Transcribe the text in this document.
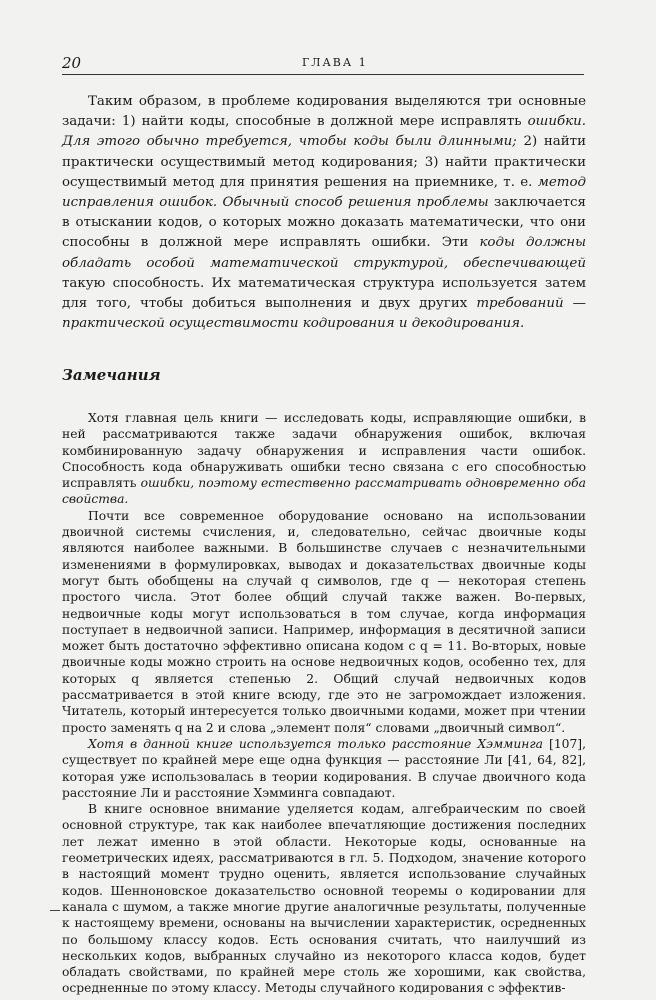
20	ГЛАВА 1

Таким образом, в проблеме кодирования выделяются три основные задачи: 1) найти коды, способные в должной мере исправлять ошибки. Для этого обычно требуется, чтобы коды были длинными; 2) найти практически осуществимый метод кодирования; 3) найти практически осуществимый метод для принятия решения на приемнике, т. е. метод исправления ошибок. Обычный способ решения проблемы заключается в отыскании кодов, о которых можно доказать математически, что они способны в должной мере исправлять ошибки. Эти коды должны обладать особой математической структурой, обеспечивающей такую способность. Их математическая структура используется затем для того, чтобы добиться выполнения и двух других требований — практической осуществимости кодирования и декодирования.

Замечания

Хотя главная цель книги — исследовать коды, исправляющие ошибки, в ней рассматриваются также задачи обнаружения ошибок, включая комбинированную задачу обнаружения и исправления части ошибок. Способность кода обнаруживать ошибки тесно связана с его способностью исправлять ошибки, поэтому естественно рассматривать одновременно оба свойства.

Почти все современное оборудование основано на использовании двоичной системы счисления, и, следовательно, сейчас двоичные коды являются наиболее важными. В большинстве случаев с незначительными изменениями в формулировках, выводах и доказательствах двоичные коды могут быть обобщены на случай q символов, где q — некоторая степень простого числа. Этот более общий случай также важен. Во-первых, недвоичные коды могут использоваться в том случае, когда информация поступает в недвоичной записи. Например, информация в десятичной записи может быть достаточно эффективно описана кодом с q = 11. Во-вторых, новые двоичные коды можно строить на основе недвоичных кодов, особенно тех, для которых q является степенью 2. Общий случай недвоичных кодов рассматривается в этой книге всюду, где это не загромождает изложения. Читатель, который интересуется только двоичными кодами, может при чтении просто заменять q на 2 и слова „элемент поля“ словами „двоичный символ“.

Хотя в данной книге используется только расстояние Хэмминга [107], существует по крайней мере еще одна функция — расстояние Ли [41, 64, 82], которая уже использовалась в теории кодирования. В случае двоичного кода расстояние Ли и расстояние Хэмминга совпадают.

В книге основное внимание уделяется кодам, алгебраическим по своей основной структуре, так как наиболее впечатляющие достижения последних лет лежат именно в этой области. Некоторые коды, основанные на геометрических идеях, рассматриваются в гл. 5. Подходом, значение которого в настоящий момент трудно оценить, является использование случайных кодов. Шенноновское доказательство основной теоремы о кодировании для канала с шумом, а также многие другие аналогичные результаты, полученные к настоящему времени, основаны на вычислении характеристик, осредненных по большому классу кодов. Есть основания считать, что наилучший из нескольких кодов, выбранных случайно из некоторого класса кодов, будет обладать свойствами, по крайней мере столь же хорошими, как свойства, осредненные по этому классу. Методы случайного кодирования с эффектив-
